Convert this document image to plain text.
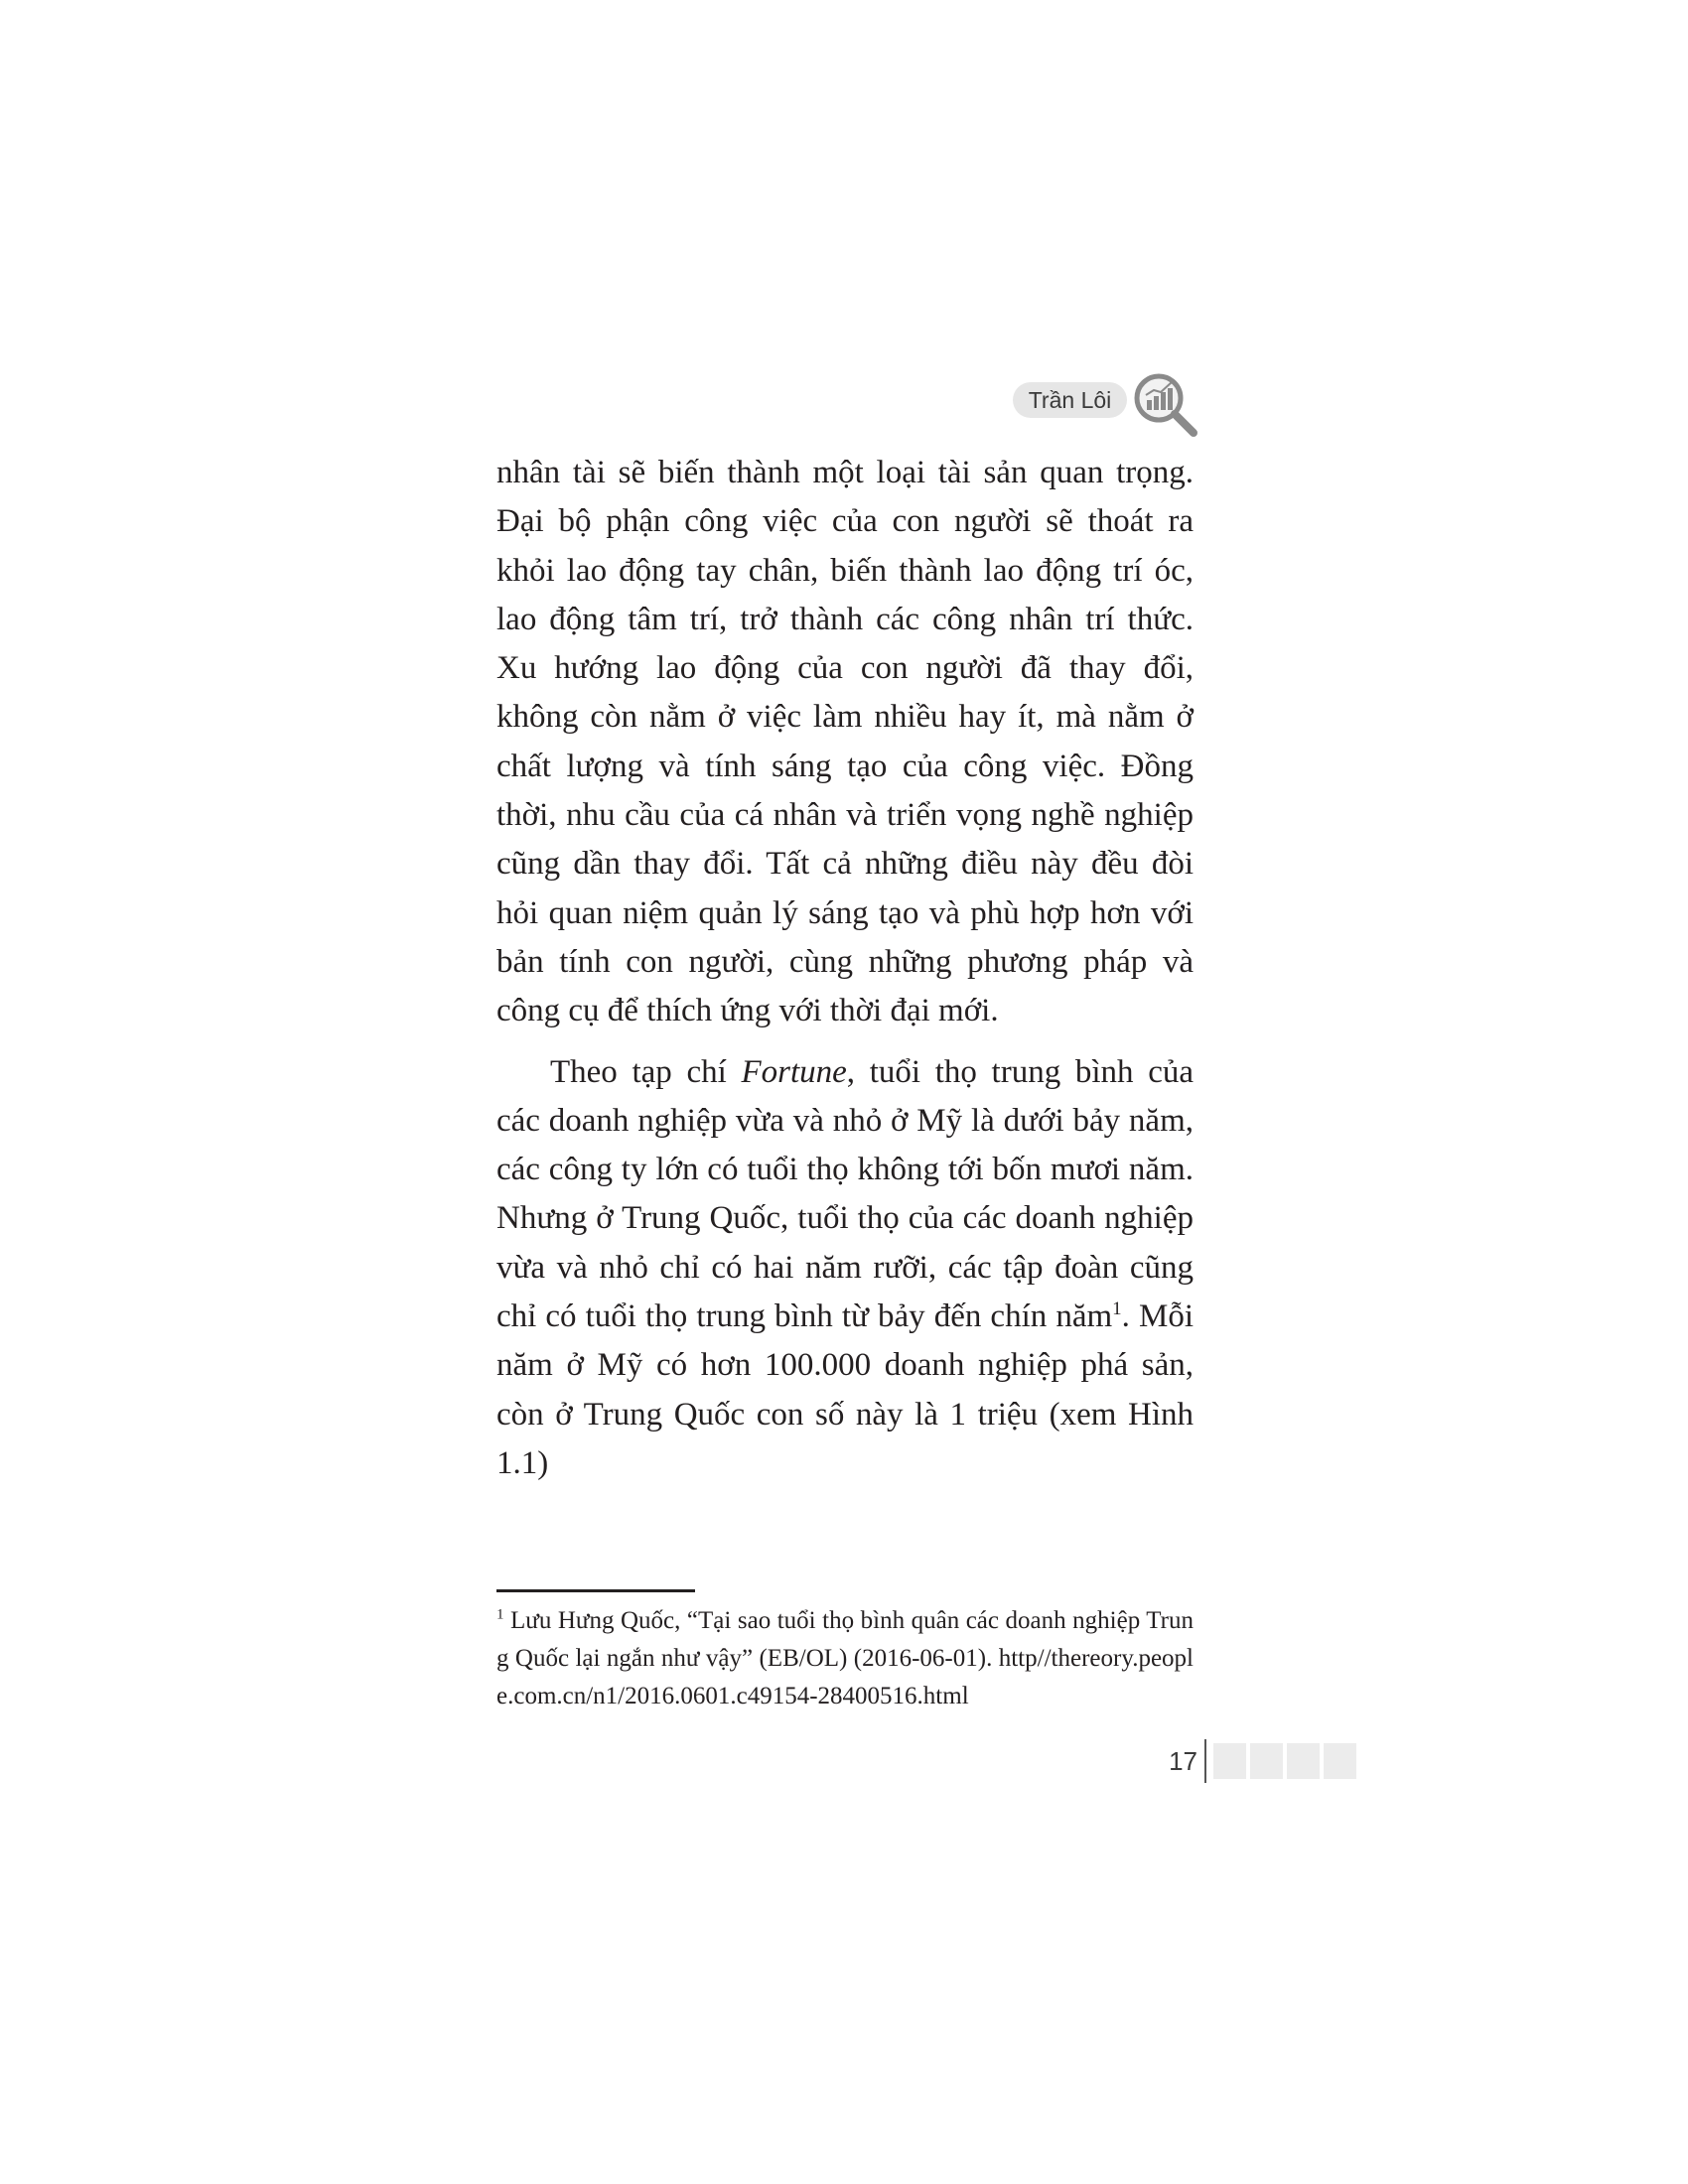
Trần Lôi

nhân tài sẽ biến thành một loại tài sản quan trọng. Đại bộ phận công việc của con người sẽ thoát ra khỏi lao động tay chân, biến thành lao động trí óc, lao động tâm trí, trở thành các công nhân trí thức. Xu hướng lao động của con người đã thay đổi, không còn nằm ở việc làm nhiều hay ít, mà nằm ở chất lượng và tính sáng tạo của công việc. Đồng thời, nhu cầu của cá nhân và triển vọng nghề nghiệp cũng dần thay đổi. Tất cả những điều này đều đòi hỏi quan niệm quản lý sáng tạo và phù hợp hơn với bản tính con người, cùng những phương pháp và công cụ để thích ứng với thời đại mới.

Theo tạp chí Fortune, tuổi thọ trung bình của các doanh nghiệp vừa và nhỏ ở Mỹ là dưới bảy năm, các công ty lớn có tuổi thọ không tới bốn mươi năm. Nhưng ở Trung Quốc, tuổi thọ của các doanh nghiệp vừa và nhỏ chỉ có hai năm rưỡi, các tập đoàn cũng chỉ có tuổi thọ trung bình từ bảy đến chín năm$^1$. Mỗi năm ở Mỹ có hơn 100.000 doanh nghiệp phá sản, còn ở Trung Quốc con số này là 1 triệu (xem Hình 1.1)

$^1$ Lưu Hưng Quốc, “Tại sao tuổi thọ bình quân các doanh nghiệp Trung Quốc lại ngắn như vậy” (EB/OL) (2016-06-01). http//thereory.people.com.cn/n1/2016.0601.c49154-28400516.html
17
